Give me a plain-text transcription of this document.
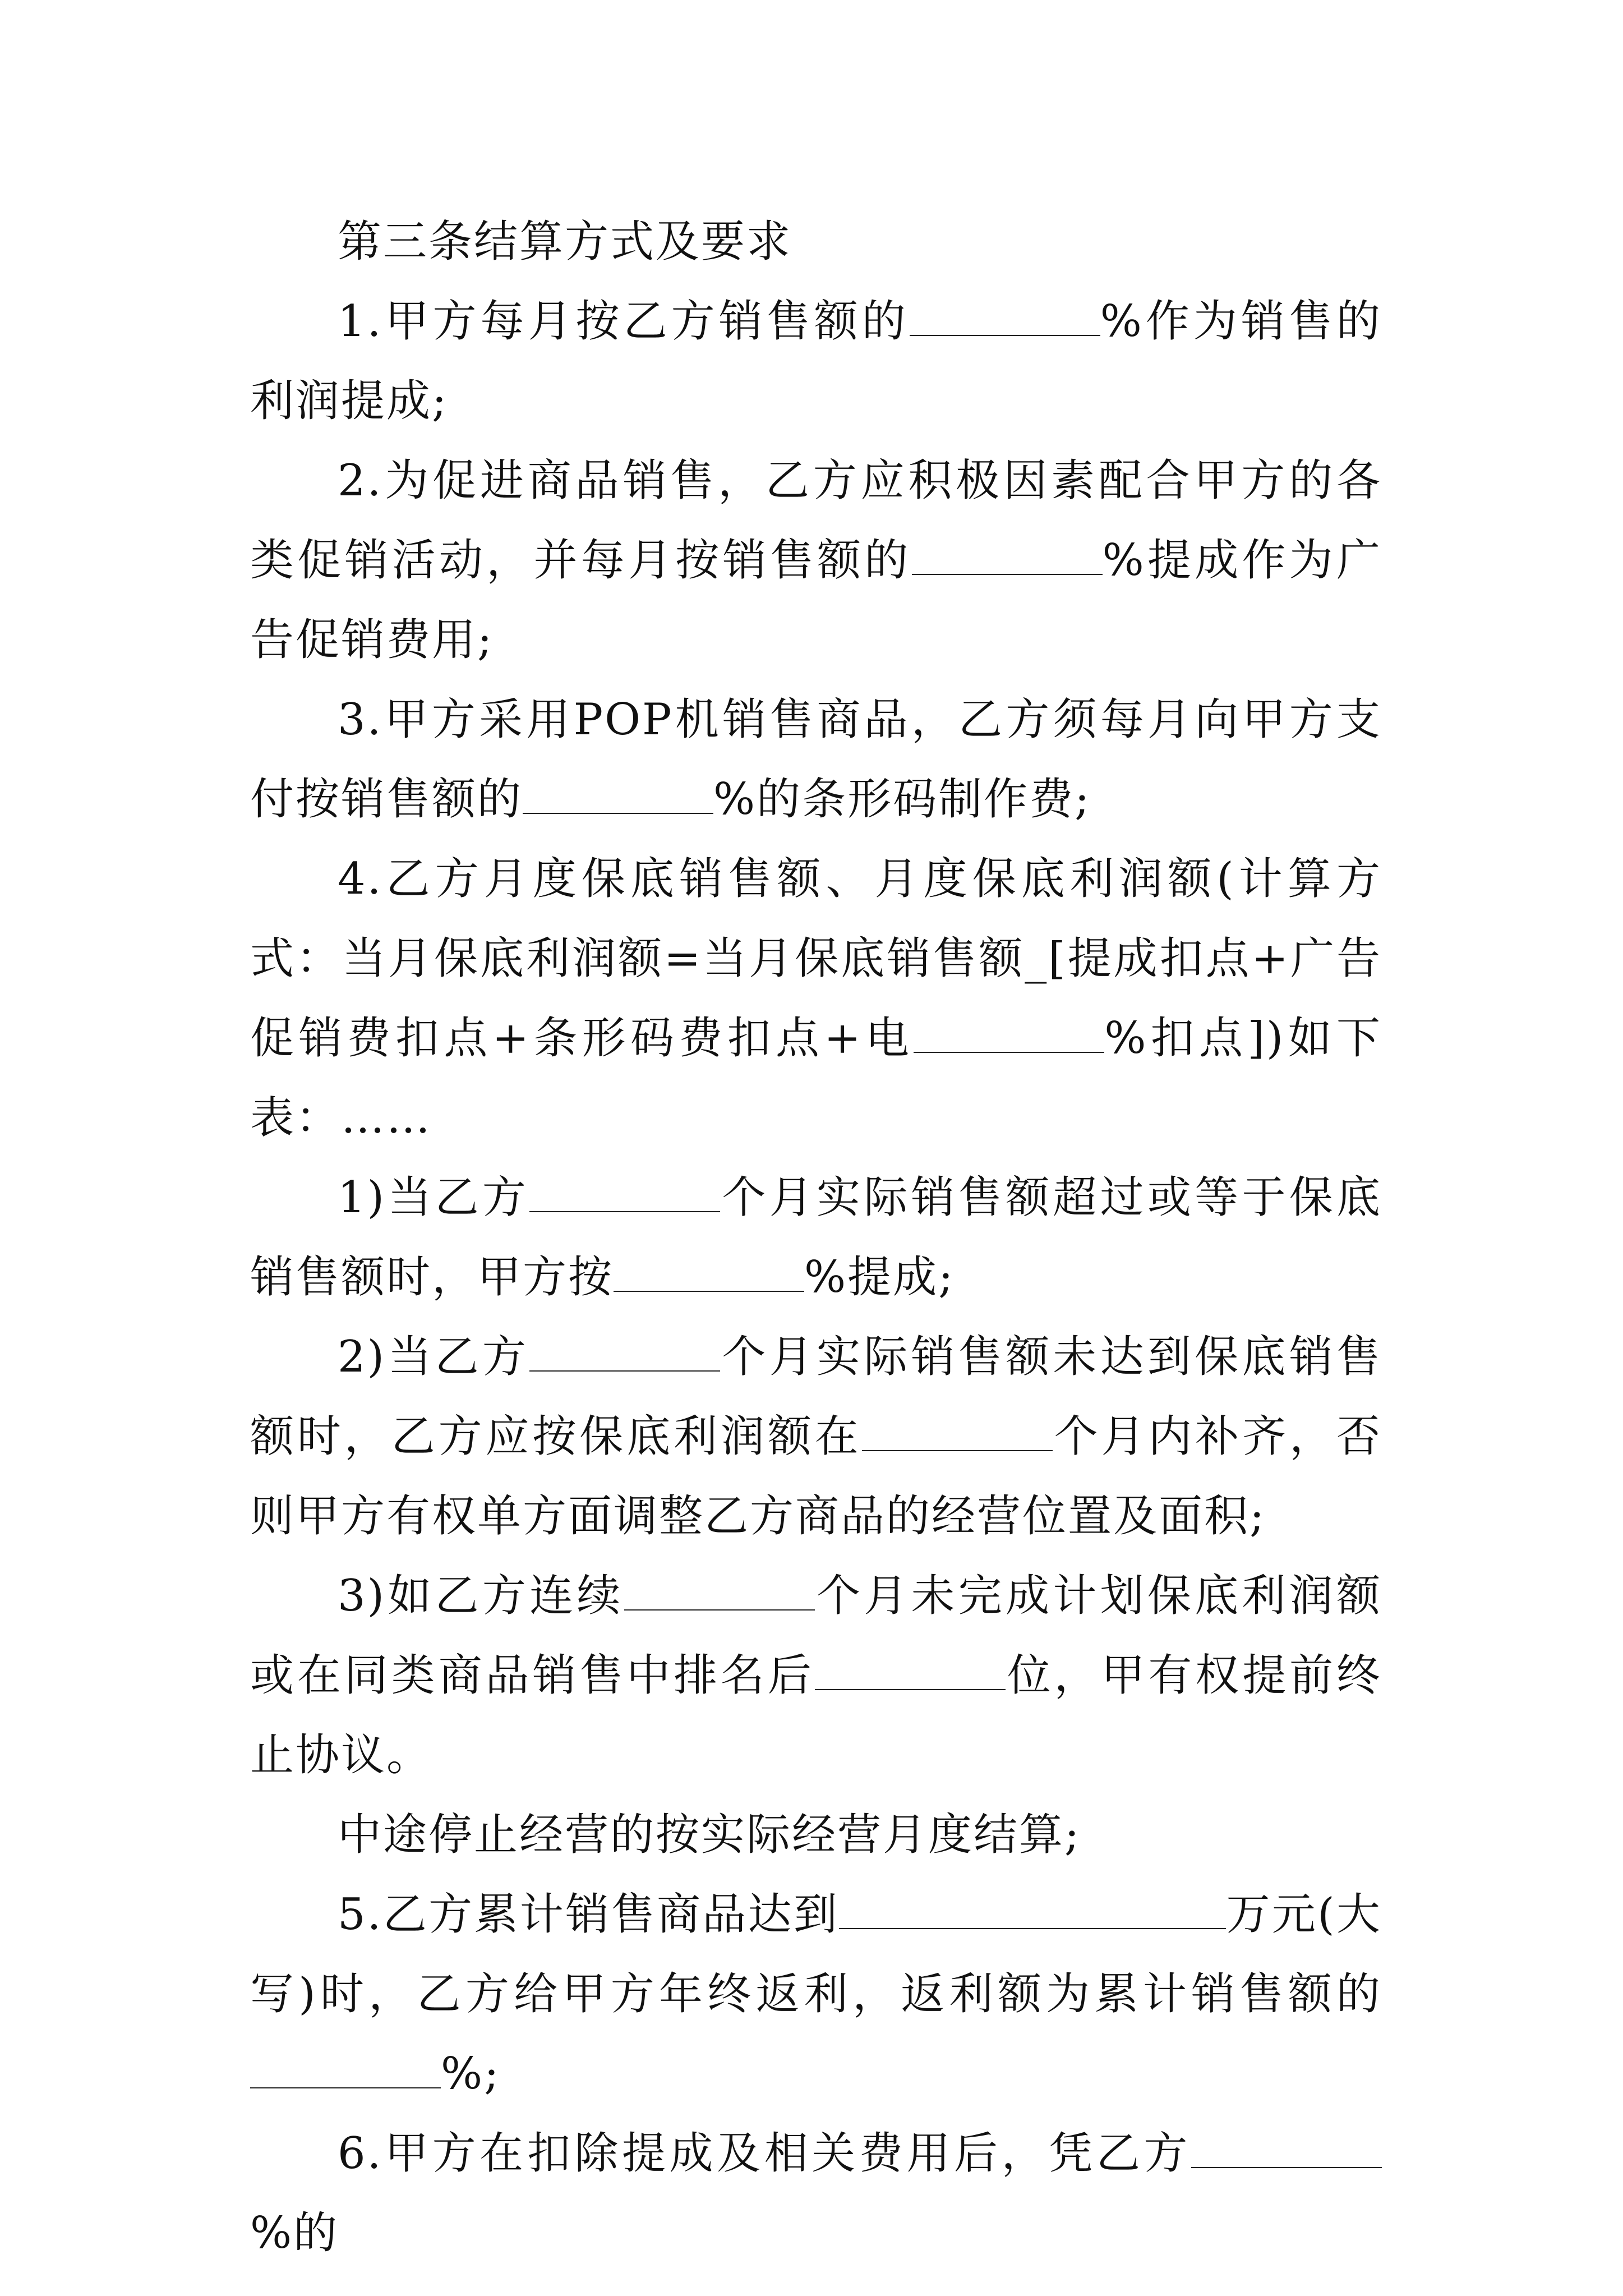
第三条结算方式及要求

1.甲方每月按乙方销售额的	%作为销售的利润提成;

2.为促进商品销售，乙方应积极因素配合甲方的各类促销活动，并每月按销售额的	%提成作为广告促销费用;

3.甲方采用POP机销售商品，乙方须每月向甲方支付按销售额的	%的条形码制作费;

4.乙方月度保底销售额、月度保底利润额(计算方式：当月保底利润额=当月保底销售额_[提成扣点+广告促销费扣点+条形码费扣点+电	%扣点])如下表：……

1)当乙方	个月实际销售额超过或等于保底销售额时，甲方按	%提成;

2)当乙方	个月实际销售额未达到保底销售额时，乙方应按保底利润额在	个月内补齐，否则甲方有权单方面调整乙方商品的经营位置及面积;

3)如乙方连续	个月未完成计划保底利润额或在同类商品销售中排名后	位，甲有权提前终止协议。

中途停止经营的按实际经营月度结算;

5.乙方累计销售商品达到	万元(大写)时，乙方给甲方年终返利，返利额为累计销售额的%;

6.甲方在扣除提成及相关费用后，凭乙方%的
